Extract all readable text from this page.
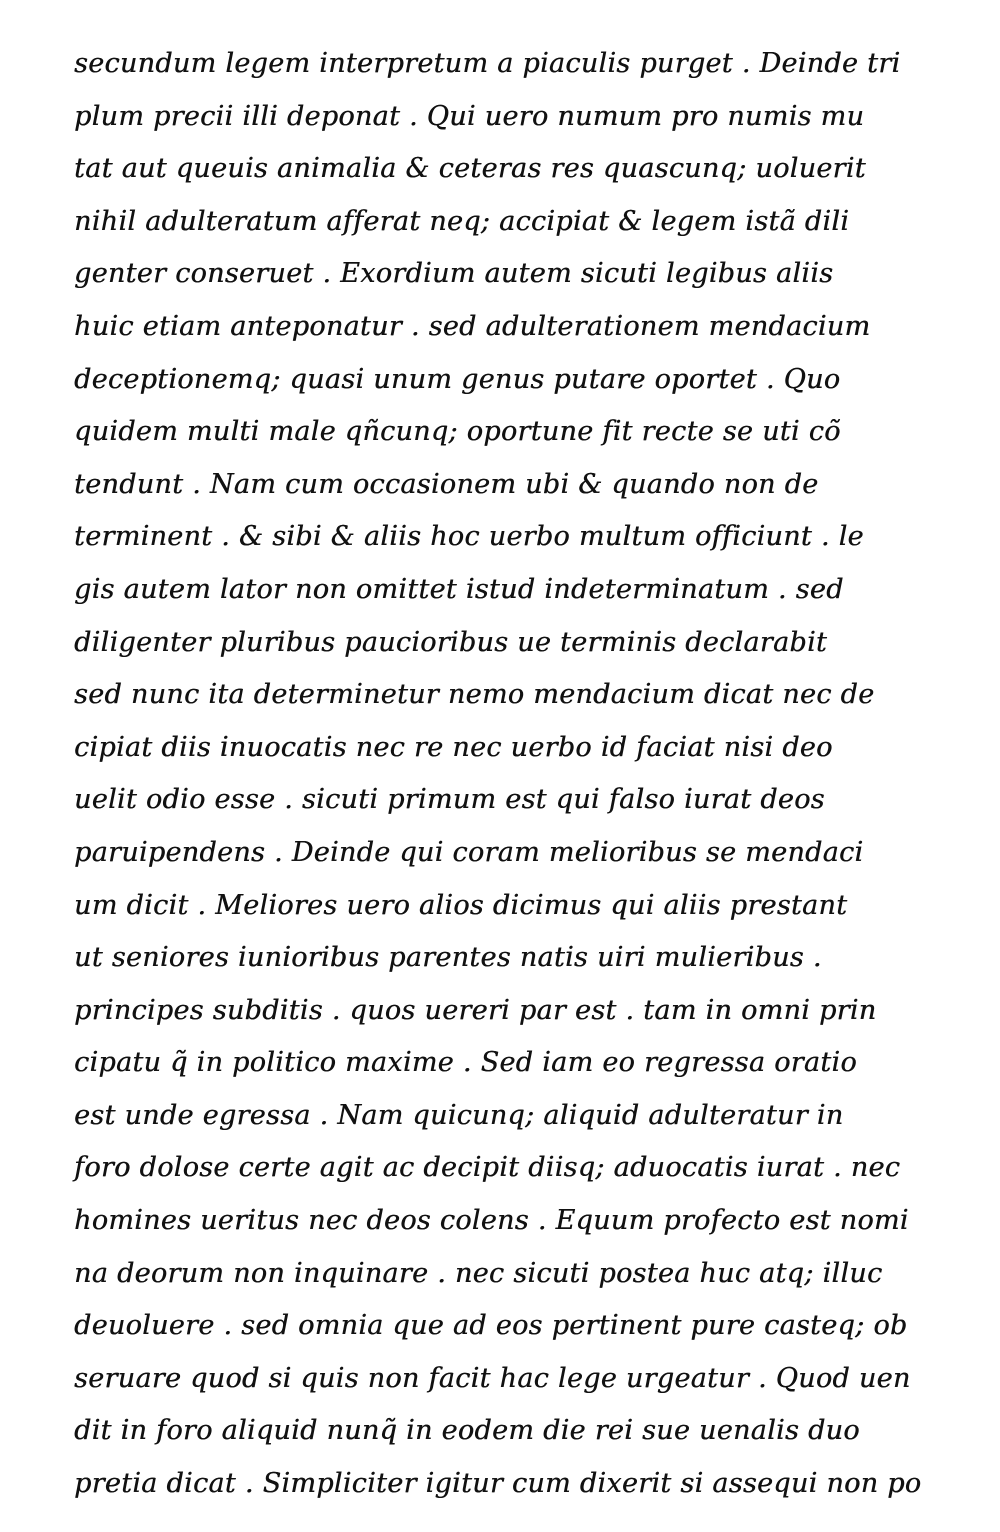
secundum legem interpretum a piaculis purget . Deinde tri
plum precii illi deponat . Qui uero numum pro numis mu
tat aut queuis animalia & ceteras res quascunq; uoluerit
nihil adulteratum afferat neq; accipiat & legem istã dili
genter conseruet . Exordium autem sicuti legibus aliis
huic etiam anteponatur . sed adulterationem mendacium
deceptionemq; quasi unum genus putare oportet . Quo
quidem multi male qñcunq; oportune fit recte se uti cõ
tendunt . Nam cum occasionem ubi & quando non de
terminent . & sibi & aliis hoc uerbo multum officiunt . le
gis autem lator non omittet istud indeterminatum . sed
diligenter pluribus paucioribus ue terminis declarabit
sed nunc ita determinetur nemo mendacium dicat nec de
cipiat diis inuocatis nec re nec uerbo id faciat nisi deo
uelit odio esse . sicuti primum est qui falso iurat deos
paruipendens . Deinde qui coram melioribus se mendaci
um dicit . Meliores uero alios dicimus qui aliis prestant
ut seniores iunioribus parentes natis uiri mulieribus .
principes subditis . quos uereri par est . tam in omni prin
cipatu q̃ in politico maxime . Sed iam eo regressa oratio
est unde egressa . Nam quicunq; aliquid adulteratur in
foro dolose certe agit ac decipit diisq; aduocatis iurat . nec
homines ueritus nec deos colens . Equum profecto est nomi
na deorum non inquinare . nec sicuti postea huc atq; illuc
deuoluere . sed omnia que ad eos pertinent pure casteq; ob
seruare quod si quis non facit hac lege urgeatur . Quod uen
dit in foro aliquid nunq̃ in eodem die rei sue uenalis duo
pretia dicat . Simpliciter igitur cum dixerit si assequi non po
